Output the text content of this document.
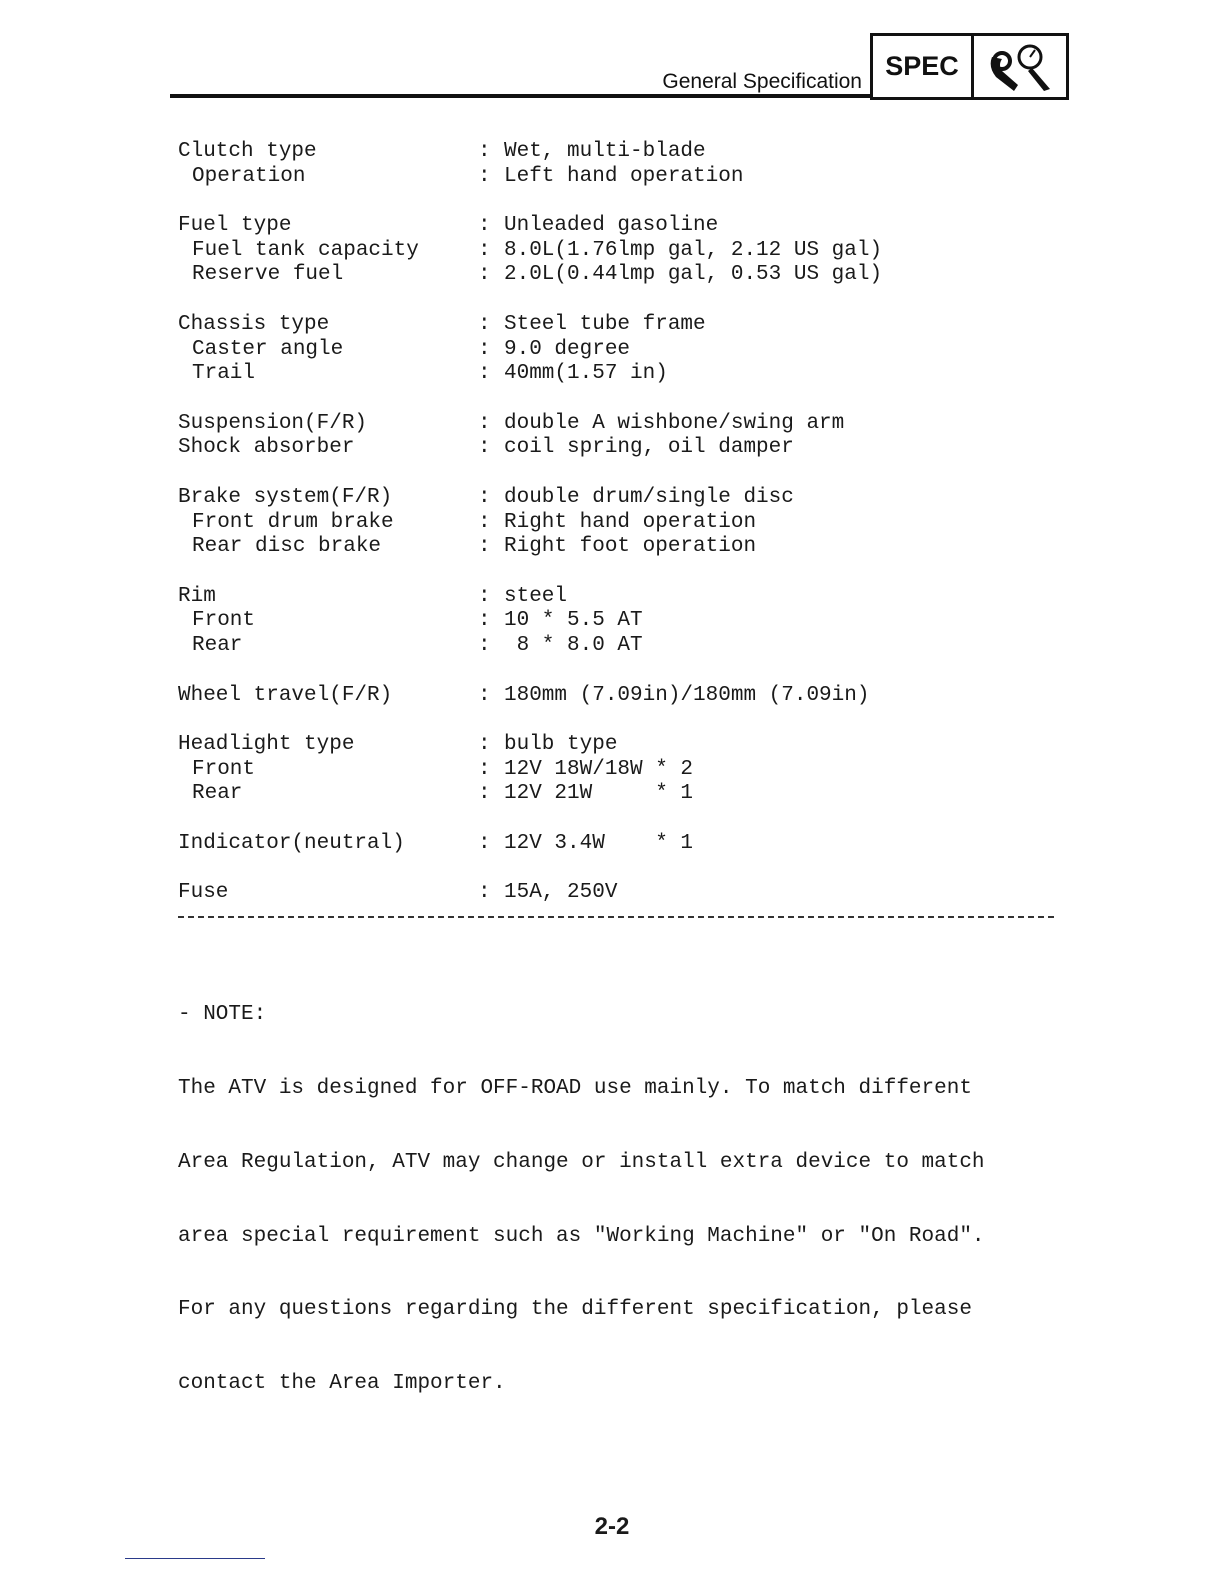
General Specification
SPEC
Clutch type	: Wet, multi-blade
Operation	: Left hand operation
Fuel type	: Unleaded gasoline
Fuel tank capacity	: 8.0L(1.76lmp gal, 2.12 US gal)
Reserve fuel	: 2.0L(0.44lmp gal, 0.53 US gal)
Chassis type	: Steel tube frame
Caster angle	: 9.0 degree
Trail	: 40mm(1.57 in)
Suspension(F/R)	: double A wishbone/swing arm
Shock absorber	: coil spring, oil damper
Brake system(F/R)	: double drum/single disc
Front drum brake	: Right hand operation
Rear disc brake	: Right foot operation
Rim	: steel
Front	: 10 * 5.5 AT
Rear	: 8 * 8.0 AT
Wheel travel(F/R)	: 180mm (7.09in)/180mm (7.09in)
Headlight type	: bulb type
Front	: 12V 18W/18W * 2
Rear	: 12V 21W     * 1
Indicator(neutral)	: 12V 3.4W    * 1
Fuse	: 15A, 250V

- NOTE:

The ATV is designed for OFF-ROAD use mainly. To match different

Area Regulation, ATV may change or install extra device to match

area special requirement such as "Working Machine" or "On Road".

For any questions regarding the different specification, please

contact the Area Importer.

2-2
